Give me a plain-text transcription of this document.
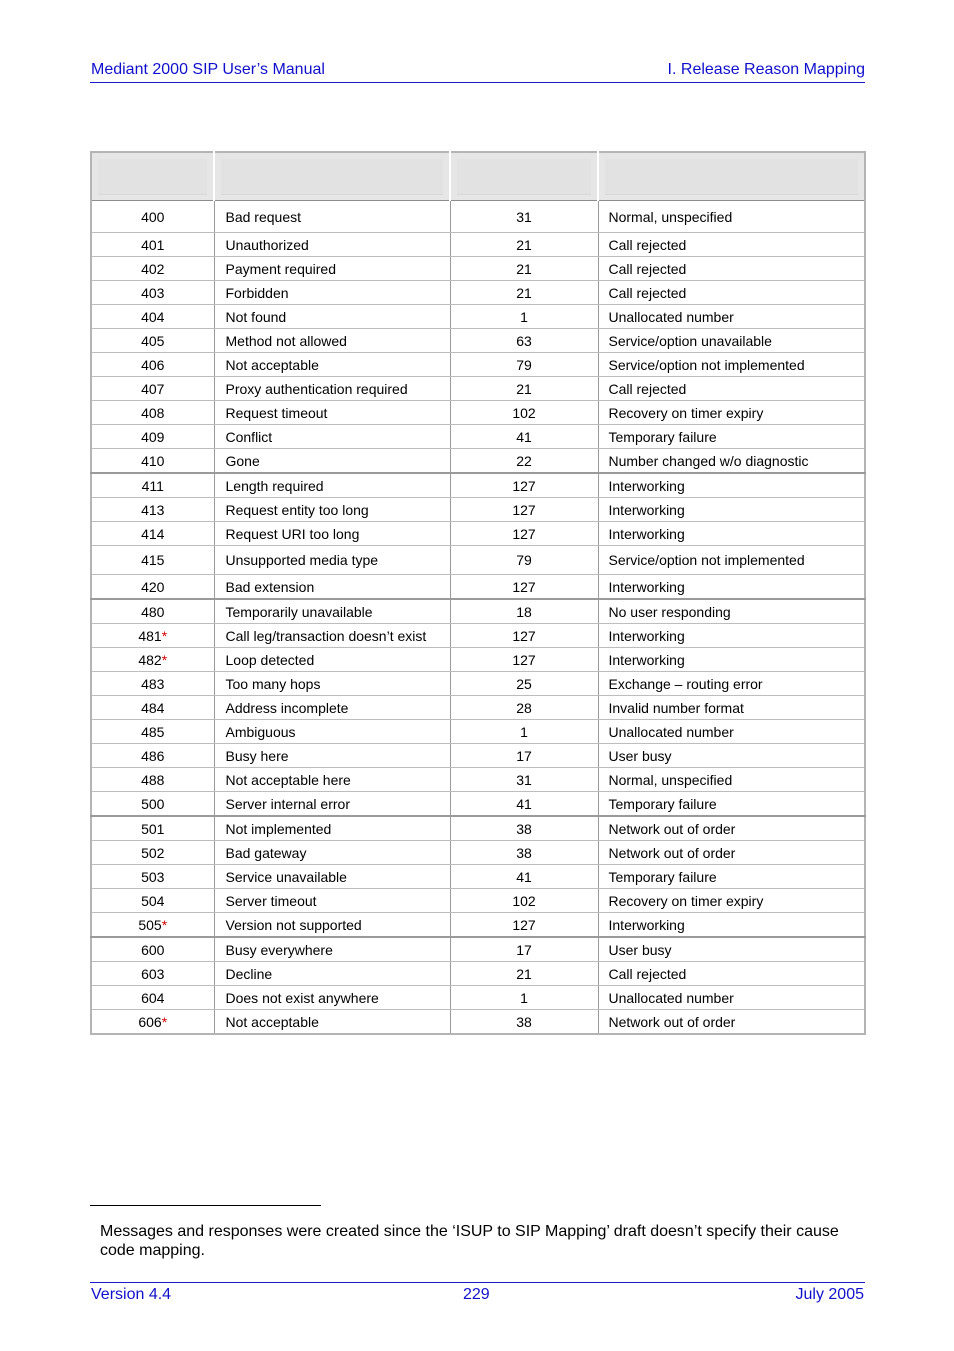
Mediant 2000 SIP User’s Manual	I. Release Reason Mapping

400	Bad request	31	Normal, unspecified
401	Unauthorized	21	Call rejected
402	Payment required	21	Call rejected
403	Forbidden	21	Call rejected
404	Not found	1	Unallocated number
405	Method not allowed	63	Service/option unavailable
406	Not acceptable	79	Service/option not implemented
407	Proxy authentication required	21	Call rejected
408	Request timeout	102	Recovery on timer expiry
409	Conflict	41	Temporary failure
410	Gone	22	Number changed w/o diagnostic
411	Length required	127	Interworking
413	Request entity too long	127	Interworking
414	Request URI too long	127	Interworking
415	Unsupported media type	79	Service/option not implemented
420	Bad extension	127	Interworking
480	Temporarily unavailable	18	No user responding
481*	Call leg/transaction doesn’t exist	127	Interworking
482*	Loop detected	127	Interworking
483	Too many hops	25	Exchange – routing error
484	Address incomplete	28	Invalid number format
485	Ambiguous	1	Unallocated number
486	Busy here	17	User busy
488	Not acceptable here	31	Normal, unspecified
500	Server internal error	41	Temporary failure
501	Not implemented	38	Network out of order
502	Bad gateway	38	Network out of order
503	Service unavailable	41	Temporary failure
504	Server timeout	102	Recovery on timer expiry
505*	Version not supported	127	Interworking
600	Busy everywhere	17	User busy
603	Decline	21	Call rejected
604	Does not exist anywhere	1	Unallocated number
606*	Not acceptable	38	Network out of order
Messages and responses were created since the ‘ISUP to SIP Mapping’ draft doesn’t specify their cause code mapping.
Version 4.4	229	July 2005
